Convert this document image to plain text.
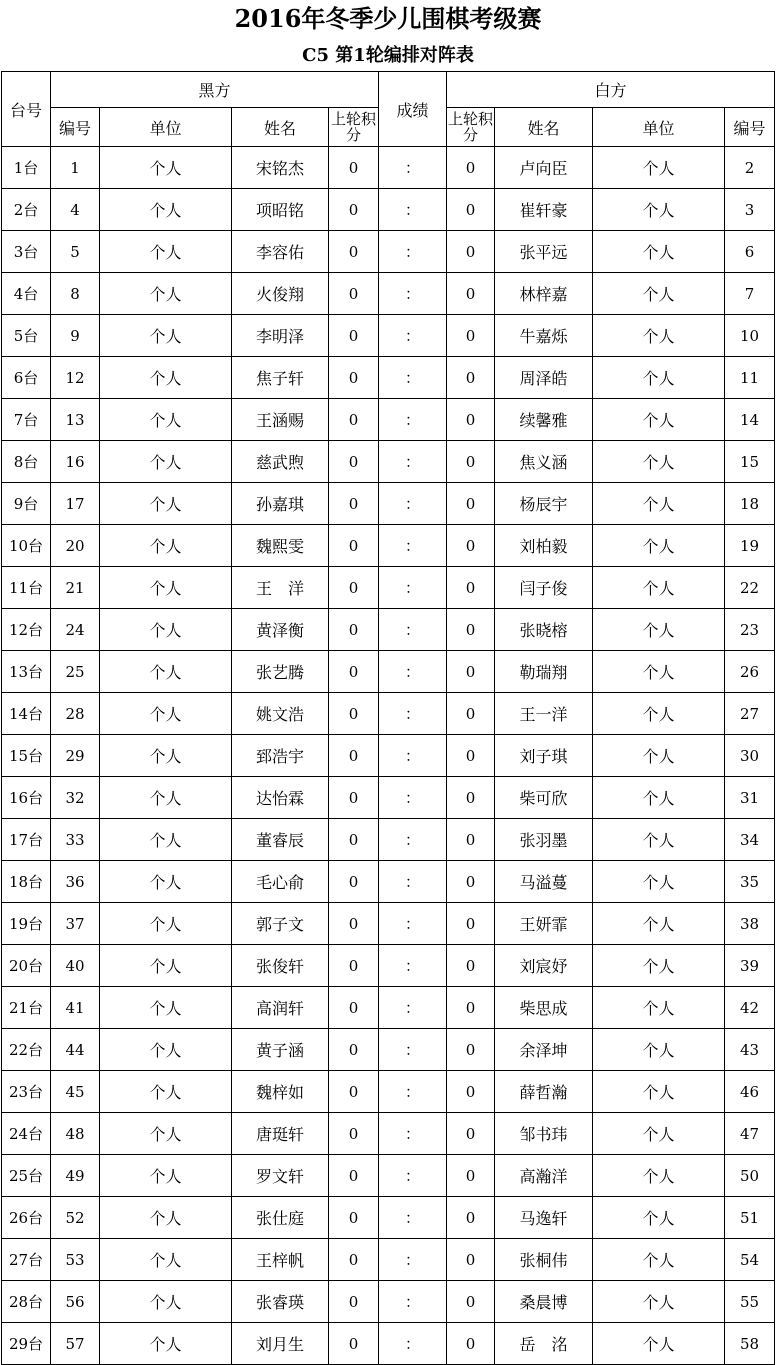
2016年冬季少儿围棋考级赛
C5 第1轮编排对阵表
台号	黑方				成绩	白方			
	编号	单位	姓名	上轮积分		上轮积分	姓名	单位	编号
1台	1	个人	宋铭杰	0	：	0	卢向臣	个人	2
2台	4	个人	项昭铭	0	：	0	崔轩豪	个人	3
3台	5	个人	李容佑	0	：	0	张平远	个人	6
4台	8	个人	火俊翔	0	：	0	林梓嘉	个人	7
5台	9	个人	李明泽	0	：	0	牛嘉烁	个人	10
6台	12	个人	焦子轩	0	：	0	周泽皓	个人	11
7台	13	个人	王涵赐	0	：	0	续馨雅	个人	14
8台	16	个人	慈武煦	0	：	0	焦义涵	个人	15
9台	17	个人	孙嘉琪	0	：	0	杨辰宇	个人	18
10台	20	个人	魏熙雯	0	：	0	刘柏毅	个人	19
11台	21	个人	王　洋	0	：	0	闫子俊	个人	22
12台	24	个人	黄泽衡	0	：	0	张晓榕	个人	23
13台	25	个人	张艺腾	0	：	0	勒瑞翔	个人	26
14台	28	个人	姚文浩	0	：	0	王一洋	个人	27
15台	29	个人	郅浩宇	0	：	0	刘子琪	个人	30
16台	32	个人	达怡霖	0	：	0	柴可欣	个人	31
17台	33	个人	董睿辰	0	：	0	张羽墨	个人	34
18台	36	个人	毛心俞	0	：	0	马溢蔓	个人	35
19台	37	个人	郭子文	0	：	0	王妍霏	个人	38
20台	40	个人	张俊轩	0	：	0	刘宸妤	个人	39
21台	41	个人	高润轩	0	：	0	柴思成	个人	42
22台	44	个人	黄子涵	0	：	0	余泽坤	个人	43
23台	45	个人	魏梓如	0	：	0	薛哲瀚	个人	46
24台	48	个人	唐珽轩	0	：	0	邹书玮	个人	47
25台	49	个人	罗文轩	0	：	0	高瀚洋	个人	50
26台	52	个人	张仕庭	0	：	0	马逸轩	个人	51
27台	53	个人	王梓帆	0	：	0	张桐伟	个人	54
28台	56	个人	张睿瑛	0	：	0	桑晨博	个人	55
29台	57	个人	刘月生	0	：	0	岳　洺	个人	58
